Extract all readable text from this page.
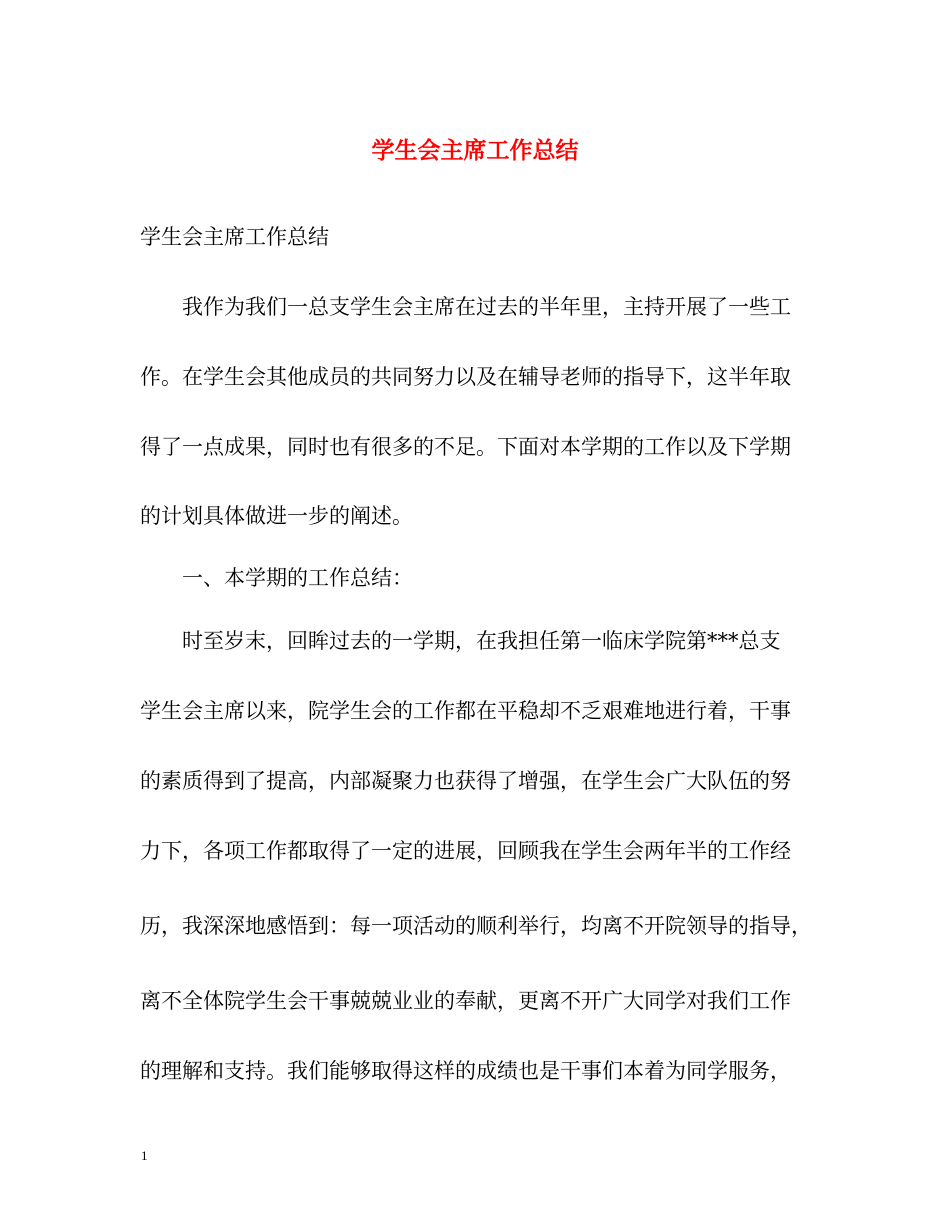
学生会主席工作总结
学生会主席工作总结
我作为我们一总支学生会主席在过去的半年里，主持开展了一些工
作。在学生会其他成员的共同努力以及在辅导老师的指导下，这半年取
得了一点成果，同时也有很多的不足。下面对本学期的工作以及下学期
的计划具体做进一步的阐述。
一、本学期的工作总结：
时至岁末，回眸过去的一学期，在我担任第一临床学院第***总支
学生会主席以来，院学生会的工作都在平稳却不乏艰难地进行着，干事
的素质得到了提高，内部凝聚力也获得了增强，在学生会广大队伍的努
力下，各项工作都取得了一定的进展，回顾我在学生会两年半的工作经
历，我深深地感悟到：每一项活动的顺利举行，均离不开院领导的指导，
离不全体院学生会干事兢兢业业的奉献，更离不开广大同学对我们工作
的理解和支持。我们能够取得这样的成绩也是干事们本着为同学服务，
1
